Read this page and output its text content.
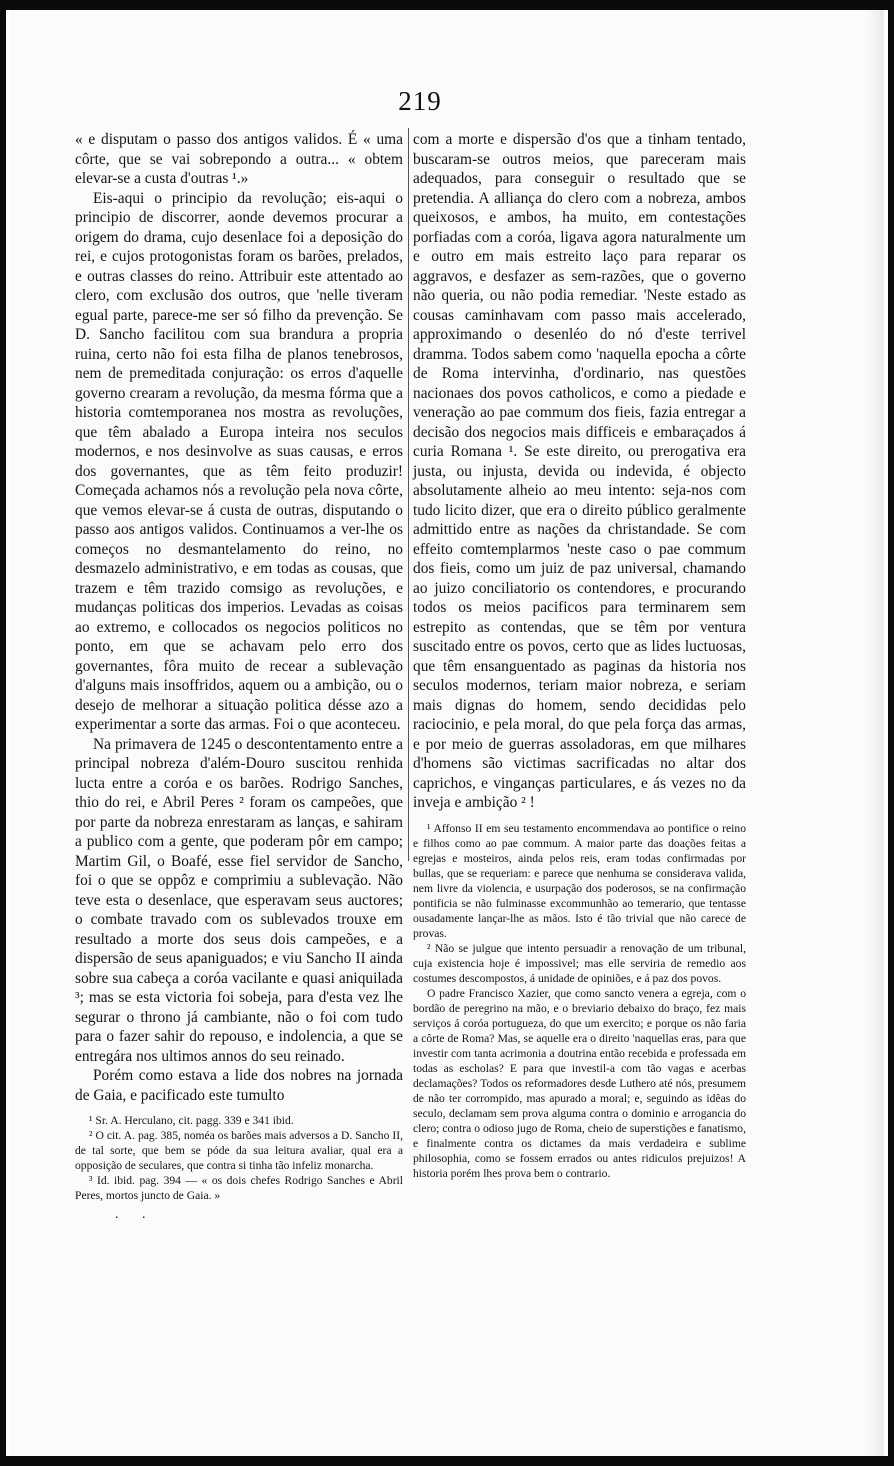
219

« e disputam o passo dos antigos validos. É « uma côrte, que se vai sobrepondo a outra... « obtem elevar-se a custa d'outras ¹.»

Eis-aqui o principio da revolução; eis-aqui o principio de discorrer, aonde devemos procurar a origem do drama, cujo desenlace foi a deposição do rei, e cujos protogonistas foram os barões, prelados, e outras classes do reino. Attribuir este attentado ao clero, com exclusão dos outros, que 'nelle tiveram egual parte, parece-me ser só filho da prevenção. Se D. Sancho facilitou com sua brandura a propria ruina, certo não foi esta filha de planos tenebrosos, nem de premeditada conjuração: os erros d'aquelle governo crearam a revolução, da mesma fórma que a historia comtemporanea nos mostra as revoluções, que têm abalado a Europa inteira nos seculos modernos, e nos desinvolve as suas causas, e erros dos governantes, que as têm feito produzir! Começada achamos nós a revolução pela nova côrte, que vemos elevar-se á custa de outras, disputando o passo aos antigos validos. Continuamos a ver-lhe os começos no desmantelamento do reino, no desmazelo administrativo, e em todas as cousas, que trazem e têm trazido comsigo as revoluções, e mudanças politicas dos imperios. Levadas as coisas ao extremo, e collocados os negocios politicos no ponto, em que se achavam pelo erro dos governantes, fôra muito de recear a sublevação d'alguns mais insoffridos, aquem ou a ambição, ou o desejo de melhorar a situação politica désse azo a experimentar a sorte das armas. Foi o que aconteceu.

Na primavera de 1245 o descontentamento entre a principal nobreza d'além-Douro suscitou renhida lucta entre a coróa e os barões. Rodrigo Sanches, thio do rei, e Abril Peres ² foram os campeões, que por parte da nobreza enrestaram as lanças, e sahiram a publico com a gente, que poderam pôr em campo; Martim Gil, o Boafé, esse fiel servidor de Sancho, foi o que se oppôz e comprimiu a sublevação. Não teve esta o desenlace, que esperavam seus auctores; o combate travado com os sublevados trouxe em resultado a morte dos seus dois campeões, e a dispersão de seus apaniguados; e viu Sancho II ainda sobre sua cabeça a coróa vacilante e quasi aniquilada ³; mas se esta victoria foi sobeja, para d'esta vez lhe segurar o throno já cambiante, não o foi com tudo para o fazer sahir do repouso, e indolencia, a que se entregára nos ultimos annos do seu reinado.

Porém como estava a lide dos nobres na jornada de Gaia, e pacificado este tumulto

¹ Sr. A. Herculano, cit. pagg. 339 e 341 ibid.

² O cit. A. pag. 385, noméa os barões mais adversos a D. Sancho II, de tal sorte, que bem se póde da sua leitura avaliar, qual era a opposição de seculares, que contra si tinha tão infeliz monarcha.

³ Id. ibid. pag. 394 — « os dois chefes Rodrigo Sanches e Abril Peres, mortos juncto de Gaia. »

. .

com a morte e dispersão d'os que a tinham tentado, buscaram-se outros meios, que pareceram mais adequados, para conseguir o resultado que se pretendia. A alliança do clero com a nobreza, ambos queixosos, e ambos, ha muito, em contestações porfiadas com a coróa, ligava agora naturalmente um e outro em mais estreito laço para reparar os aggravos, e desfazer as sem-razões, que o governo não queria, ou não podia remediar. 'Neste estado as cousas caminhavam com passo mais accelerado, approximando o desenléo do nó d'este terrivel dramma. Todos sabem como 'naquella epocha a côrte de Roma intervinha, d'ordinario, nas questões nacionaes dos povos catholicos, e como a piedade e veneração ao pae commum dos fieis, fazia entregar a decisão dos negocios mais difficeis e embaraçados á curia Romana ¹. Se este direito, ou prerogativa era justa, ou injusta, devida ou indevida, é objecto absolutamente alheio ao meu intento: seja-nos com tudo licito dizer, que era o direito público geralmente admittido entre as nações da christandade. Se com effeito comtemplarmos 'neste caso o pae commum dos fieis, como um juiz de paz universal, chamando ao juizo conciliatorio os contendores, e procurando todos os meios pacificos para terminarem sem estrepito as contendas, que se têm por ventura suscitado entre os povos, certo que as lides luctuosas, que têm ensanguentado as paginas da historia nos seculos modernos, teriam maior nobreza, e seriam mais dignas do homem, sendo decididas pelo raciocinio, e pela moral, do que pela força das armas, e por meio de guerras assoladoras, em que milhares d'homens são victimas sacrificadas no altar dos caprichos, e vinganças particulares, e ás vezes no da inveja e ambição ² !

¹ Affonso II em seu testamento encommendava ao pontifice o reino e filhos como ao pae commum. A maior parte das doações feitas a egrejas e mosteiros, ainda pelos reis, eram todas confirmadas por bullas, que se requeriam: e parece que nenhuma se considerava valida, nem livre da violencia, e usurpação dos poderosos, se na confirmação pontificia se não fulminasse excommunhão ao temerario, que tentasse ousadamente lançar-lhe as mãos. Isto é tão trivial que não carece de provas.

² Não se julgue que intento persuadir a renovação de um tribunal, cuja existencia hoje é impossivel; mas elle serviria de remedio aos costumes descompostos, á unidade de opiniões, e á paz dos povos.

O padre Francisco Xazier, que como sancto venera a egreja, com o bordão de peregrino na mão, e o breviario debaixo do braço, fez mais serviços á coróa portugueza, do que um exercito; e porque os não faria a côrte de Roma? Mas, se aquelle era o direito 'naquellas eras, para que investir com tanta acrimonia a doutrina então recebida e professada em todas as escholas? E para que investil-a com tão vagas e acerbas declamações? Todos os reformadores desde Luthero até nós, presumem de não ter corrompido, mas apurado a moral; e, seguindo as idêas do seculo, declamam sem prova alguma contra o dominio e arrogancia do clero; contra o odioso jugo de Roma, cheio de superstições e fanatismo, e finalmente contra os dictames da mais verdadeira e sublime philosophia, como se fossem errados ou antes ridiculos prejuizos! A historia porém lhes prova bem o contrario.
